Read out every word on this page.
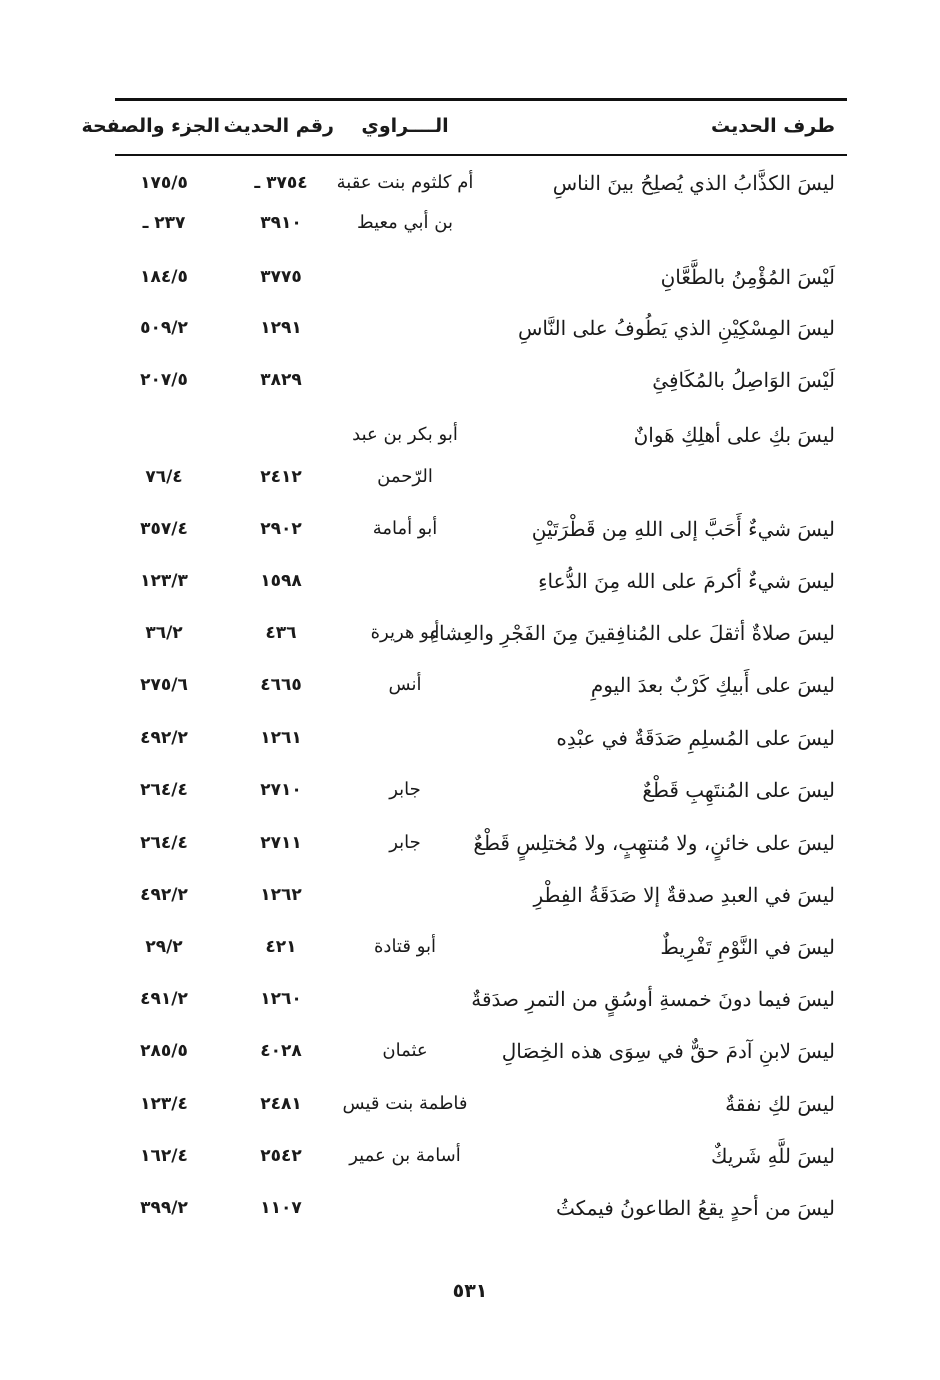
طرف الحديث
الــــراوي
رقم الحديث
الجزء والصفحة
ليسَ الكذَّابُ الذي يُصلِحُ بينَ الناسِ
أم كلثوم بنت عقبة
٣٧٥٤ ـ
١٧٥/٥
بن أبي معيط
٣٩١٠
٢٣٧ ـ
لَيْسَ المُؤْمِنُ بالطَّعَّانِ
٣٧٧٥
١٨٤/٥
ليسَ المِسْكِيْنِ الذي يَطُوفُ على النَّاسِ
١٢٩١
٥٠٩/٢
لَيْسَ الوَاصِلُ بالمُكَافِئِ
٣٨٢٩
٢٠٧/٥
ليسَ بكِ على أهلِكِ هَوانٌ
أبو بكر بن عبد
الرّحمن
٢٤١٢
٧٦/٤
ليسَ شيءٌ أَحَبَّ إلى اللهِ مِن قَطْرَتَيْنِ
أبو أمامة
٢٩٠٢
٣٥٧/٤
ليسَ شيءٌ أكرمَ على الله مِنَ الدُّعاءِ
١٥٩٨
١٢٣/٣
ليسَ صلاةٌ أثقلَ على المُنافِقينَ مِنَ الفَجْرِ والعِشاءِ
أبو هريرة
٤٣٦
٣٦/٢
ليسَ على أَبيكِ كَرْبٌ بعدَ اليومِ
أنس
٤٦٦٥
٢٧٥/٦
ليسَ على المُسلِمِ صَدَقَةٌ في عبْدِه
١٢٦١
٤٩٢/٢
ليسَ على المُنتَهِبِ قَطْعٌ
جابر
٢٧١٠
٢٦٤/٤
ليسَ على خائنٍ، ولا مُنتهِبٍ، ولا مُختلِسٍ قَطْعٌ
جابر
٢٧١١
٢٦٤/٤
ليسَ في العبدِ صدقةٌ إلا صَدَقَةُ الفِطْرِ
١٢٦٢
٤٩٢/٢
ليسَ في النَّوْمِ تَفْرِيطٌ
أبو قتادة
٤٢١
٢٩/٢
ليسَ فيما دونَ خمسةِ أوسُقٍ من التمرِ صدَقةٌ
١٢٦٠
٤٩١/٢
ليسَ لابنِ آدمَ حقٌّ في سِوَى هذه الخِصَالِ
عثمان
٤٠٢٨
٢٨٥/٥
ليسَ لكِ نفقةٌ
فاطمة بنت قيس
٢٤٨١
١٢٣/٤
ليسَ للَّهِ شَريكٌ
أسامة بن عمير
٢٥٤٢
١٦٢/٤
ليسَ من أحدٍ يقعُ الطاعونُ فيمكثُ
١١٠٧
٣٩٩/٢
٥٣١
